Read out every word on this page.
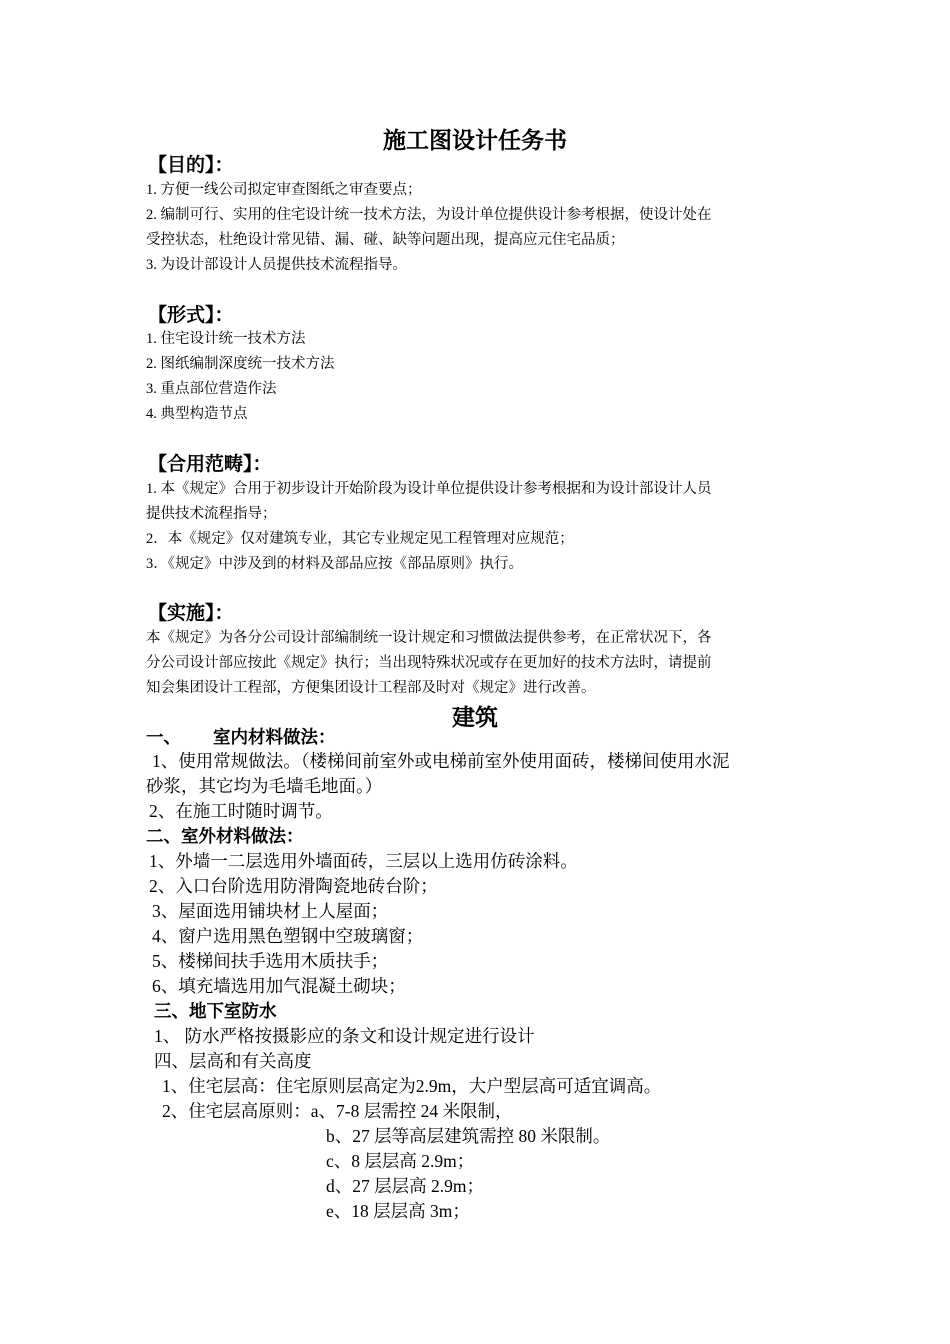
施工图设计任务书
【目的】：
1. 方便一线公司拟定审查图纸之审查要点；
2. 编制可行、实用的住宅设计统一技术方法，为设计单位提供设计参考根据，使设计处在
受控状态，杜绝设计常见错、漏、碰、缺等问题出现，提高应元住宅品质；
3. 为设计部设计人员提供技术流程指导。
【形式】：
1. 住宅设计统一技术方法
2. 图纸编制深度统一技术方法
3. 重点部位营造作法
4. 典型构造节点
【合用范畴】：
1. 本《规定》合用于初步设计开始阶段为设计单位提供设计参考根据和为设计部设计人员
提供技术流程指导；
2．本《规定》仅对建筑专业，其它专业规定见工程管理对应规范；
3．《规定》中涉及到的材料及部品应按《部品原则》执行。
【实施】：
本《规定》为各分公司设计部编制统一设计规定和习惯做法提供参考，在正常状况下，各
分公司设计部应按此《规定》执行；当出现特殊状况或存在更加好的技术方法时，请提前
知会集团设计工程部，方便集团设计工程部及时对《规定》进行改善。
建筑
一、 室内材料做法：
1、使用常规做法。（楼梯间前室外或电梯前室外使用面砖，楼梯间使用水泥
砂浆，其它均为毛墙毛地面。）
2、在施工时随时调节。
二、室外材料做法：
1、外墙一二层选用外墙面砖，三层以上选用仿砖涂料。
2、入口台阶选用防滑陶瓷地砖台阶；
3、屋面选用铺块材上人屋面；
4、窗户选用黑色塑钢中空玻璃窗；
5、楼梯间扶手选用木质扶手；
6、填充墙选用加气混凝土砌块；
三、地下室防水
1、 防水严格按摄影应的条文和设计规定进行设计
四、层高和有关高度
1、住宅层高：住宅原则层高定为2.9m，大户型层高可适宜调高。
2、住宅层高原则：a、7-8 层需控 24 米限制，
b、27 层等高层建筑需控 80 米限制。
c、8 层层高 2.9m；
d、27 层层高 2.9m；
e、18 层层高 3m；
